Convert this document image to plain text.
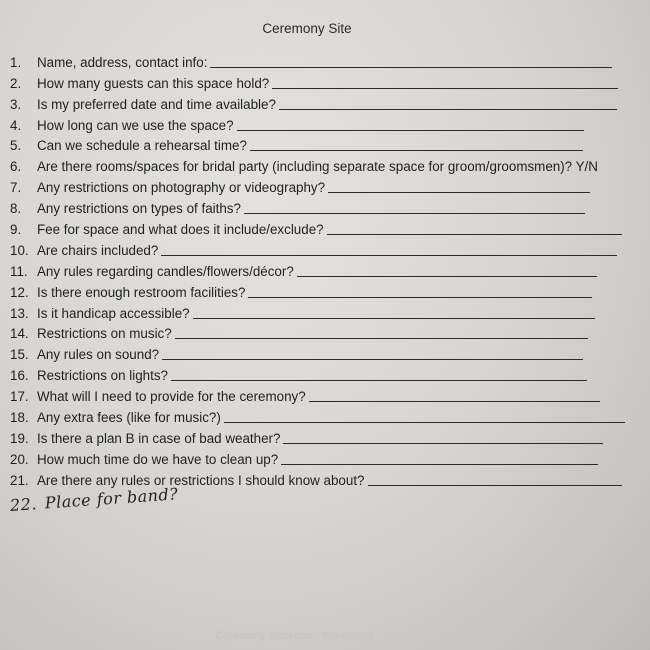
Ceremony Site
1.	Name, address, contact info:
2.	How many guests can this space hold?
3.	Is my preferred date and time available?
4.	How long can we use the space?
5.	Can we schedule a rehearsal time?
6.	Are there rooms/spaces for bridal party (including separate space for groom/groomsmen)? Y/N
7.	Any restrictions on photography or videography?
8.	Any restrictions on types of faiths?
9.	Fee for space and what does it include/exclude?
10. Are chairs included?
11. Any rules regarding candles/flowers/décor?
12. Is there enough restroom facilities?
13. Is it handicap accessible?
14. Restrictions on music?
15. Any rules on sound?
16. Restrictions on lights?
17. What will I need to provide for the ceremony?
18. Any extra fees (like for music?)
19. Is there a plan B in case of bad weather?
20. How much time do we have to clean up?
21. Are there any rules or restrictions I should know about?
22. Place for band?
Ceremony Reception Worksheet
